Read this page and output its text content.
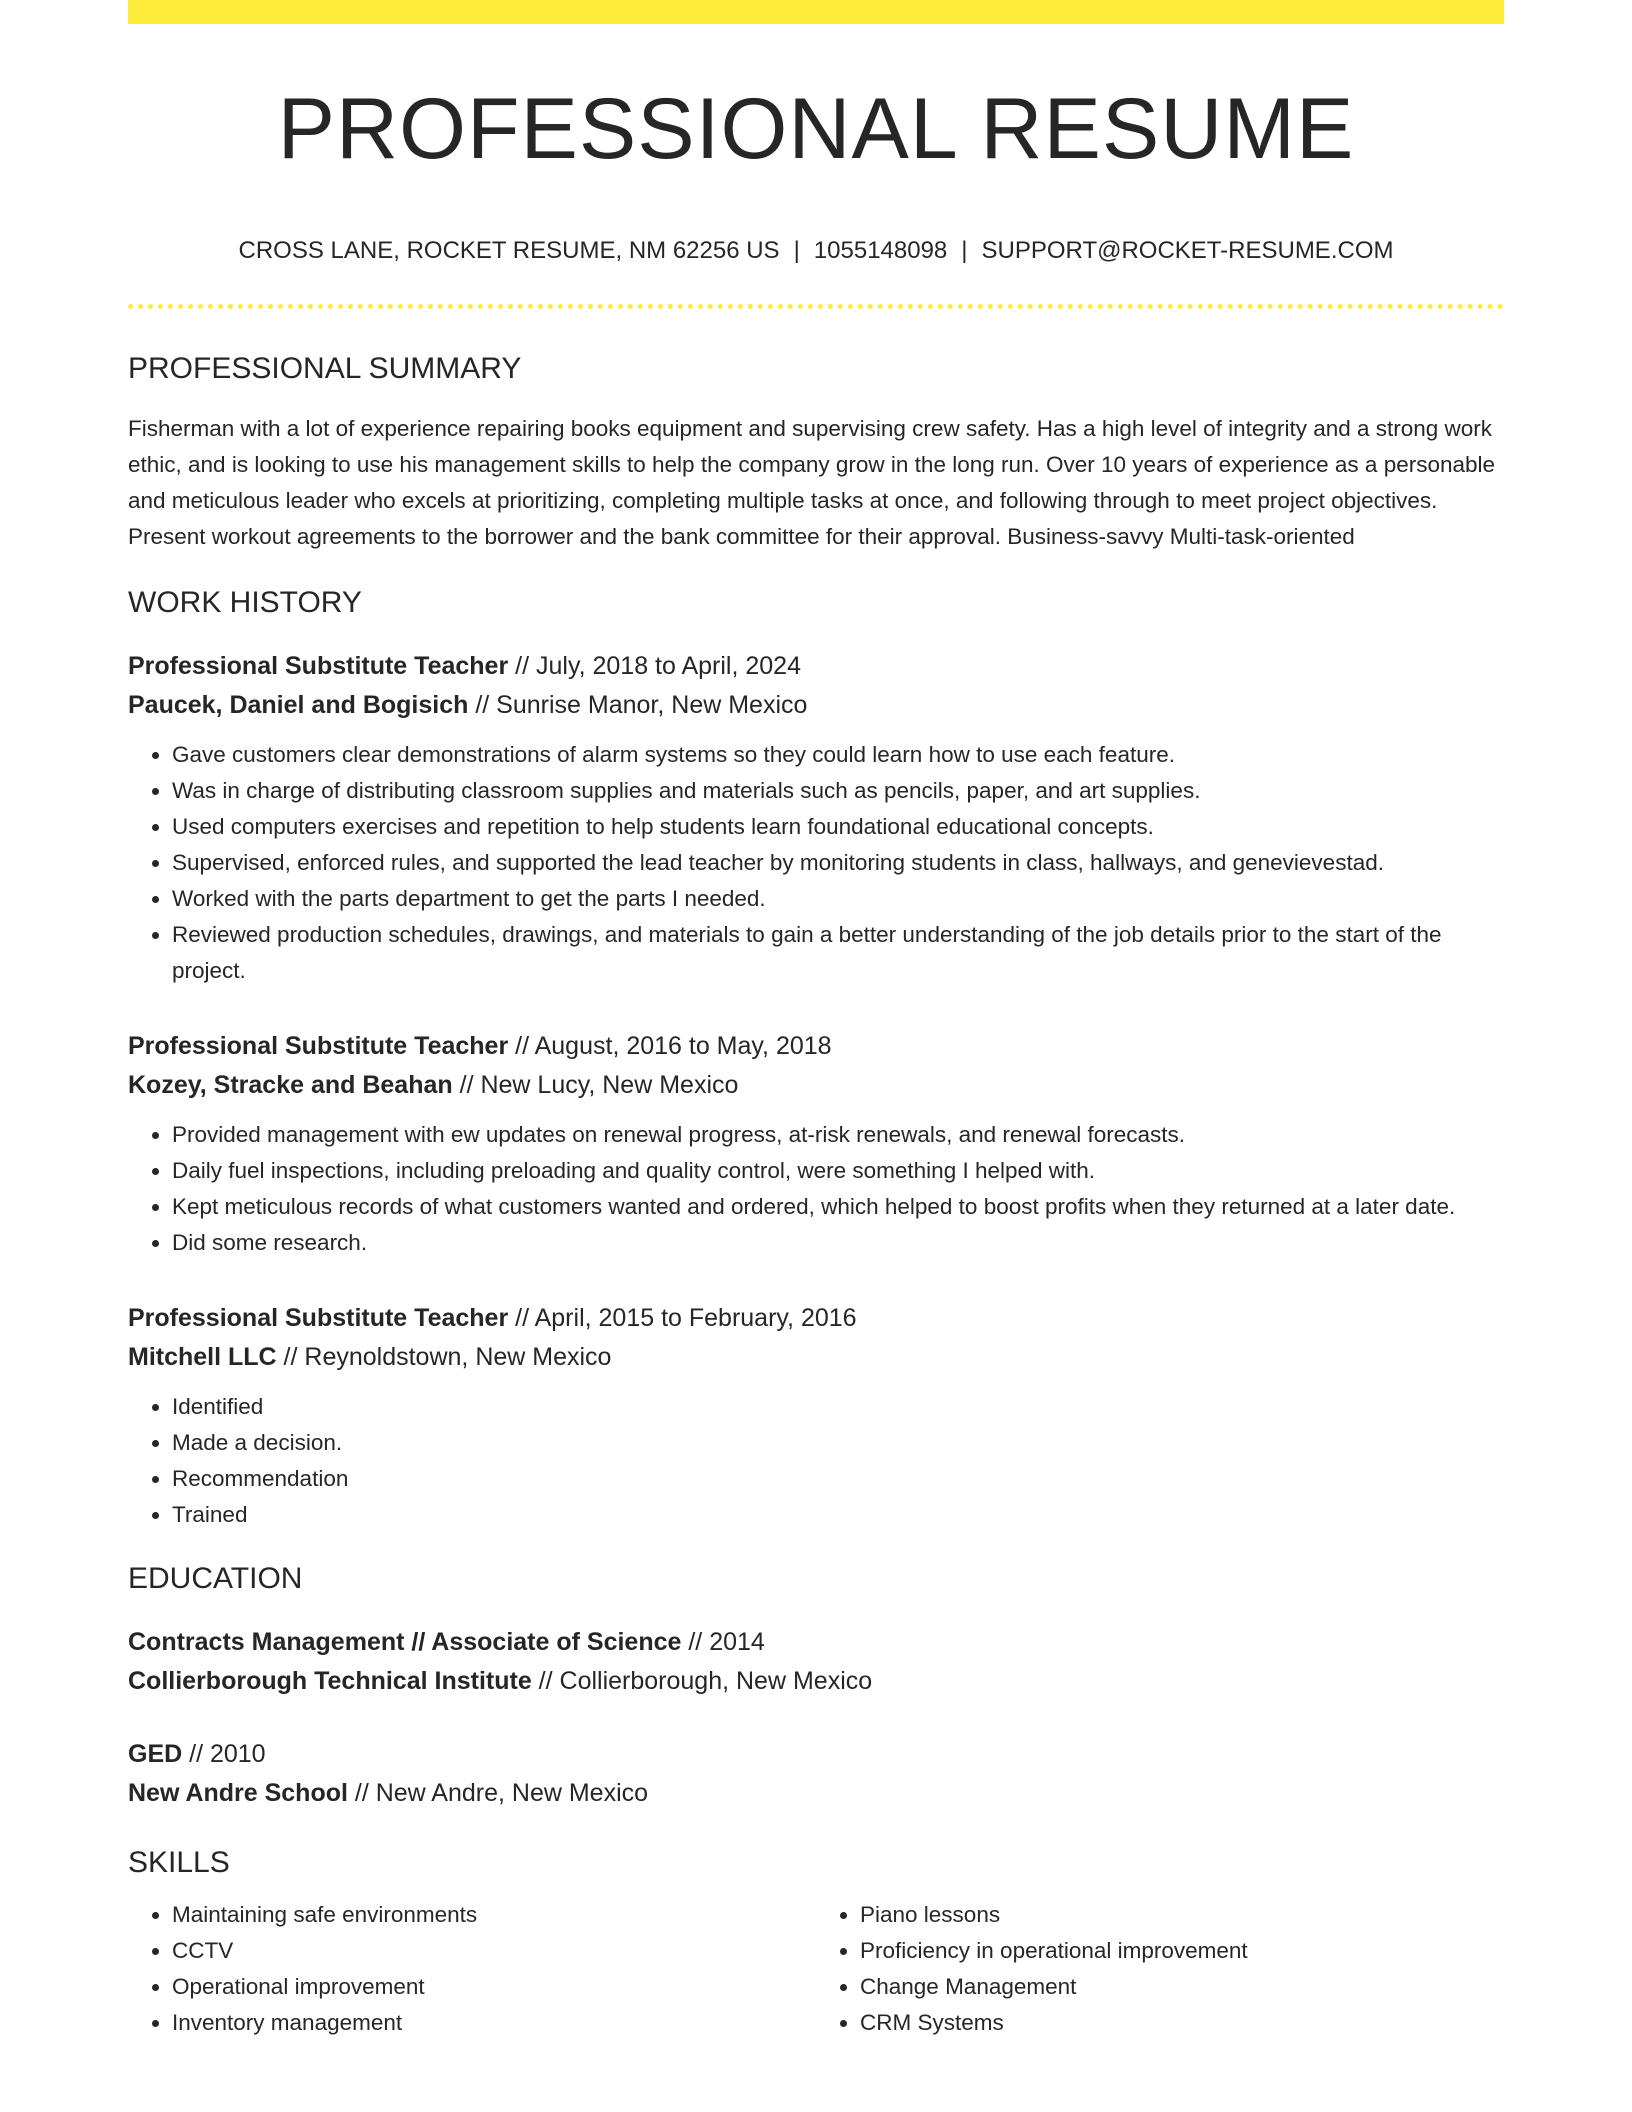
PROFESSIONAL RESUME
CROSS LANE, ROCKET RESUME, NM 62256 US | 1055148098 | SUPPORT@ROCKET-RESUME.COM
PROFESSIONAL SUMMARY

Fisherman with a lot of experience repairing books equipment and supervising crew safety. Has a high level of integrity and a strong work ethic, and is looking to use his management skills to help the company grow in the long run. Over 10 years of experience as a personable and meticulous leader who excels at prioritizing, completing multiple tasks at once, and following through to meet project objectives. Present workout agreements to the borrower and the bank committee for their approval. Business-savvy Multi-task-oriented

WORK HISTORY
Professional Substitute Teacher // July, 2018 to April, 2024
Paucek, Daniel and Bogisich // Sunrise Manor, New Mexico
• Gave customers clear demonstrations of alarm systems so they could learn how to use each feature.
• Was in charge of distributing classroom supplies and materials such as pencils, paper, and art supplies.
• Used computers exercises and repetition to help students learn foundational educational concepts.
• Supervised, enforced rules, and supported the lead teacher by monitoring students in class, hallways, and genevievestad.
• Worked with the parts department to get the parts I needed.
• Reviewed production schedules, drawings, and materials to gain a better understanding of the job details prior to the start of the project.
Professional Substitute Teacher // August, 2016 to May, 2018
Kozey, Stracke and Beahan // New Lucy, New Mexico
• Provided management with ew updates on renewal progress, at-risk renewals, and renewal forecasts.
• Daily fuel inspections, including preloading and quality control, were something I helped with.
• Kept meticulous records of what customers wanted and ordered, which helped to boost profits when they returned at a later date.
• Did some research.
Professional Substitute Teacher // April, 2015 to February, 2016
Mitchell LLC // Reynoldstown, New Mexico
• Identified
• Made a decision.
• Recommendation
• Trained
EDUCATION
Contracts Management // Associate of Science // 2014
Collierborough Technical Institute // Collierborough, New Mexico
GED // 2010
New Andre School // New Andre, New Mexico
SKILLS
• Maintaining safe environments
• CCTV
• Operational improvement
• Inventory management
• Piano lessons
• Proficiency in operational improvement
• Change Management
• CRM Systems
